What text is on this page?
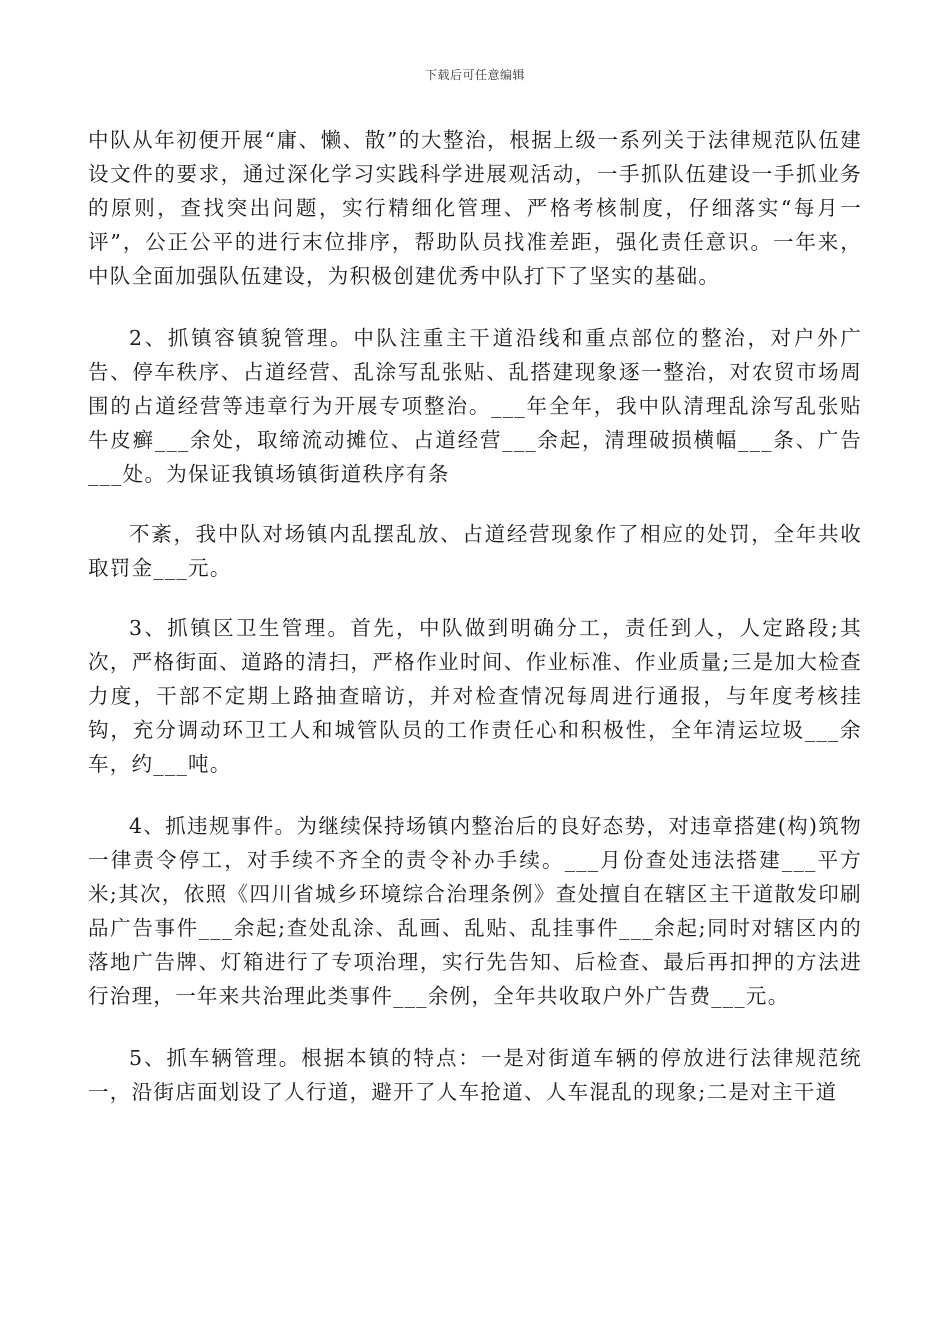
下载后可任意编辑

中队从年初便开展“庸、懒、散”的大整治，根据上级一系列关于法律规范队伍建设文件的要求，通过深化学习实践科学进展观活动，一手抓队伍建设一手抓业务的原则，查找突出问题，实行精细化管理、严格考核制度，仔细落实“每月一评”，公正公平的进行末位排序，帮助队员找准差距，强化责任意识。一年来，中队全面加强队伍建设，为积极创建优秀中队打下了坚实的基础。

2、抓镇容镇貌管理。中队注重主干道沿线和重点部位的整治，对户外广告、停车秩序、占道经营、乱涂写乱张贴、乱搭建现象逐一整治，对农贸市场周围的占道经营等违章行为开展专项整治。___年全年，我中队清理乱涂写乱张贴牛皮癣___余处，取缔流动摊位、占道经营___余起，清理破损横幅___条、广告___处。为保证我镇场镇街道秩序有条

不紊，我中队对场镇内乱摆乱放、占道经营现象作了相应的处罚，全年共收取罚金___元。

3、抓镇区卫生管理。首先，中队做到明确分工，责任到人，人定路段;其次，严格街面、道路的清扫，严格作业时间、作业标准、作业质量;三是加大检查力度，干部不定期上路抽查暗访，并对检查情况每周进行通报，与年度考核挂钩，充分调动环卫工人和城管队员的工作责任心和积极性，全年清运垃圾___余车，约___吨。

4、抓违规事件。为继续保持场镇内整治后的良好态势，对违章搭建(构)筑物一律责令停工，对手续不齐全的责令补办手续。___月份查处违法搭建___平方米;其次，依照《四川省城乡环境综合治理条例》查处擅自在辖区主干道散发印刷品广告事件___余起;查处乱涂、乱画、乱贴、乱挂事件___余起;同时对辖区内的落地广告牌、灯箱进行了专项治理，实行先告知、后检查、最后再扣押的方法进行治理，一年来共治理此类事件___余例，全年共收取户外广告费___元。

5、抓车辆管理。根据本镇的特点：一是对街道车辆的停放进行法律规范统一，沿街店面划设了人行道，避开了人车抢道、人车混乱的现象;二是对主干道
